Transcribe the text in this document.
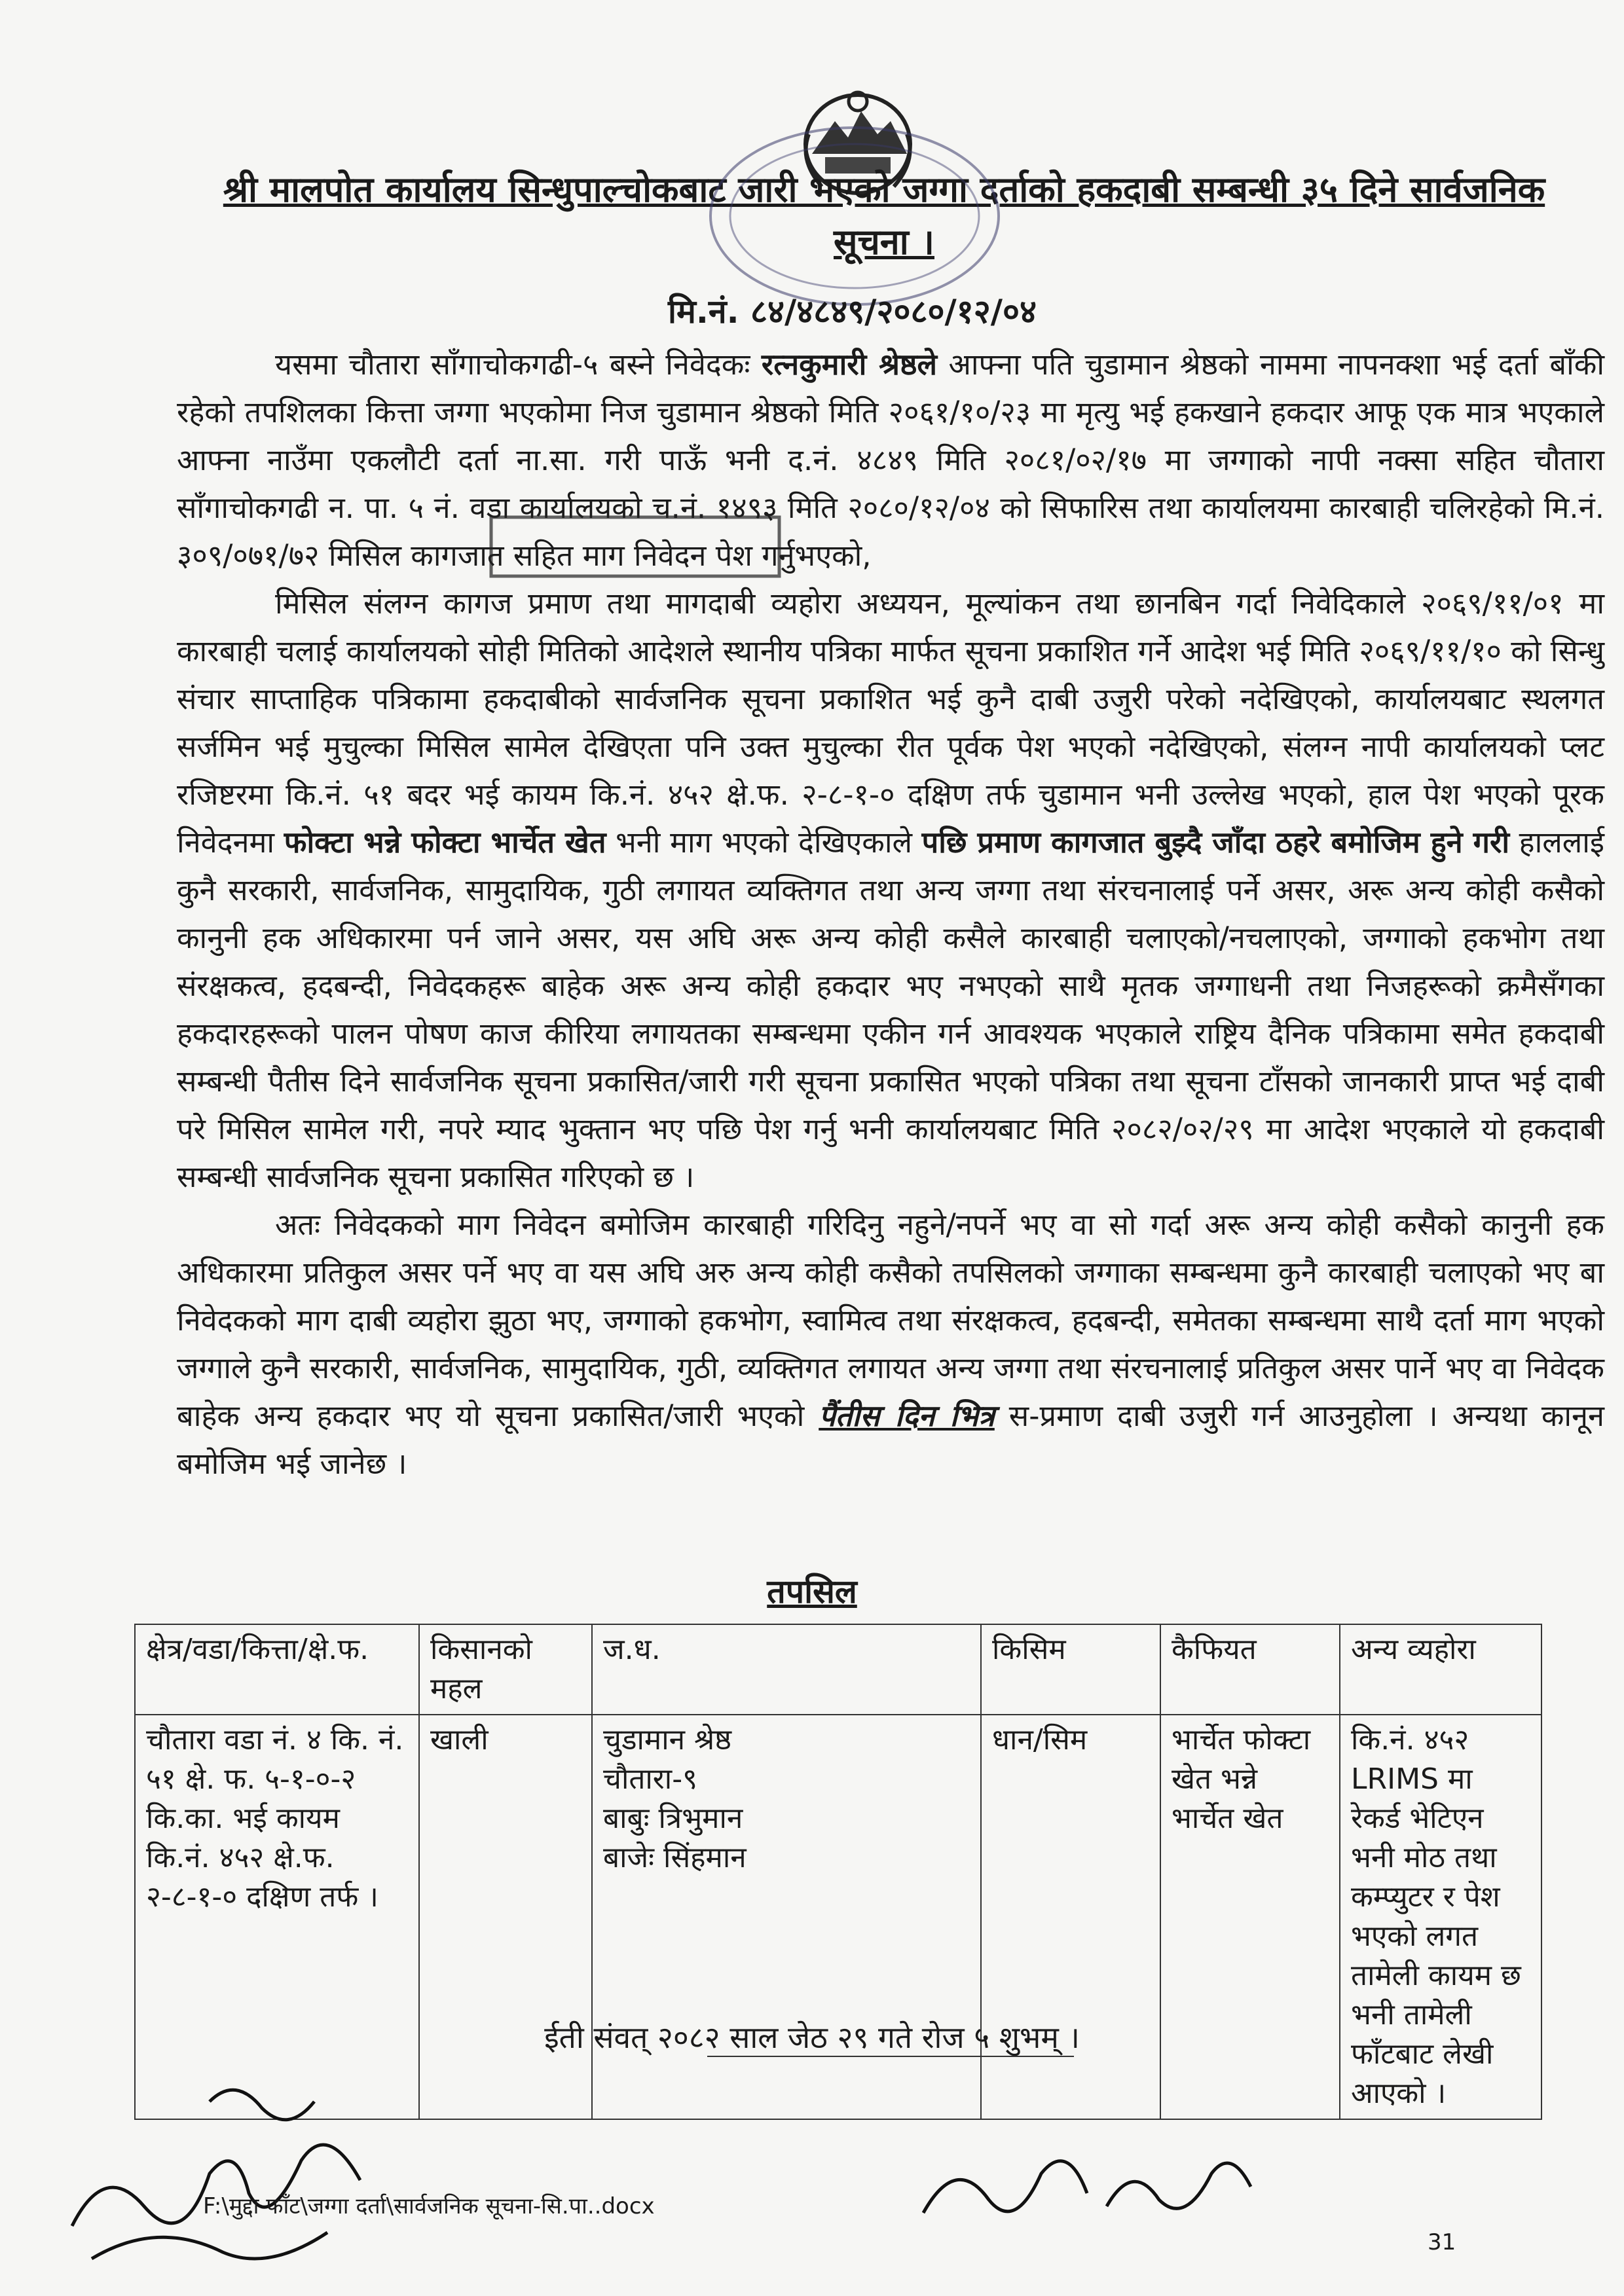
श्री मालपोत कार्यालय सिन्धुपाल्चोकबाट जारी भएको जग्गा दर्ताको हकदाबी सम्बन्धी ३५ दिने सार्वजनिक सूचना ।
मि.नं. ८४/४८४९/२०८०/१२/०४

यसमा चौतारा साँगाचोकगढी-५ बस्ने निवेदकः रत्नकुमारी श्रेष्ठले आफ्ना पति चुडामान श्रेष्ठको नाममा नापनक्शा भई दर्ता बाँकी रहेको तपशिलका कित्ता जग्गा भएकोमा निज चुडामान श्रेष्ठको मिति २०६१/१०/२३ मा मृत्यु भई हकखाने हकदार आफू एक मात्र भएकाले आफ्ना नाउँमा एकलौटी दर्ता ना.सा. गरी पाऊँ भनी द.नं. ४८४९ मिति २०८१/०२/१७ मा जग्गाको नापी नक्सा सहित चौतारा साँगाचोकगढी न. पा. ५ नं. वडा कार्यालयको च.नं. १४९३ मिति २०८०/१२/०४ को सिफारिस तथा कार्यालयमा कारबाही चलिरहेको मि.नं. ३०९/०७१/७२ मिसिल कागजात सहित माग निवेदन पेश गर्नुभएको,

मिसिल संलग्न कागज प्रमाण तथा मागदाबी व्यहोरा अध्ययन, मूल्यांकन तथा छानबिन गर्दा निवेदिकाले २०६९/११/०१ मा कारबाही चलाई कार्यालयको सोही मितिको आदेशले स्थानीय पत्रिका मार्फत सूचना प्रकाशित गर्ने आदेश भई मिति २०६९/११/१० को सिन्धु संचार साप्ताहिक पत्रिकामा हकदाबीको सार्वजनिक सूचना प्रकाशित भई कुनै दाबी उजुरी परेको नदेखिएको, कार्यालयबाट स्थलगत सर्जमिन भई मुचुल्का मिसिल सामेल देखिएता पनि उक्त मुचुल्का रीत पूर्वक पेश भएको नदेखिएको, संलग्न नापी कार्यालयको प्लट रजिष्टरमा कि.नं. ५१ बदर भई कायम कि.नं. ४५२ क्षे.फ. २-८-१-० दक्षिण तर्फ चुडामान भनी उल्लेख भएको, हाल पेश भएको पूरक निवेदनमा फोक्टा भन्ने फोक्टा भार्चेत खेत भनी माग भएको देखिएकाले पछि प्रमाण कागजात बुझ्दै जाँदा ठहरे बमोजिम हुने गरी हाललाई कुनै सरकारी, सार्वजनिक, सामुदायिक, गुठी लगायत व्यक्तिगत तथा अन्य जग्गा तथा संरचनालाई पर्ने असर, अरू अन्य कोही कसैको कानुनी हक अधिकारमा पर्न जाने असर, यस अघि अरू अन्य कोही कसैले कारबाही चलाएको/नचलाएको, जग्गाको हकभोग तथा संरक्षकत्व, हदबन्दी, निवेदकहरू बाहेक अरू अन्य कोही हकदार भए नभएको साथै मृतक जग्गाधनी तथा निजहरूको क्रमैसँगका हकदारहरूको पालन पोषण काज कीरिया लगायतका सम्बन्धमा एकीन गर्न आवश्यक भएकाले राष्ट्रिय दैनिक पत्रिकामा समेत हकदाबी सम्बन्धी पैतीस दिने सार्वजनिक सूचना प्रकासित/जारी गरी सूचना प्रकासित भएको पत्रिका तथा सूचना टाँसको जानकारी प्राप्त भई दाबी परे मिसिल सामेल गरी, नपरे म्याद भुक्तान भए पछि पेश गर्नु भनी कार्यालयबाट मिति २०८२/०२/२९ मा आदेश भएकाले यो हकदाबी सम्बन्धी सार्वजनिक सूचना प्रकासित गरिएको छ ।

अतः निवेदकको माग निवेदन बमोजिम कारबाही गरिदिनु नहुने/नपर्ने भए वा सो गर्दा अरू अन्य कोही कसैको कानुनी हक अधिकारमा प्रतिकुल असर पर्ने भए वा यस अघि अरु अन्य कोही कसैको तपसिलको जग्गाका सम्बन्धमा कुनै कारबाही चलाएको भए बा निवेदकको माग दाबी व्यहोरा झुठा भए, जग्गाको हकभोग, स्वामित्व तथा संरक्षकत्व, हदबन्दी, समेतका सम्बन्धमा साथै दर्ता माग भएको जग्गाले कुनै सरकारी, सार्वजनिक, सामुदायिक, गुठी, व्यक्तिगत लगायत अन्य जग्गा तथा संरचनालाई प्रतिकुल असर पार्ने भए वा निवेदक बाहेक अन्य हकदार भए यो सूचना प्रकासित/जारी भएको पैंतीस दिन भित्र स-प्रमाण दाबी उजुरी गर्न आउनुहोला । अन्यथा कानून बमोजिम भई जानेछ ।

तपसिल
क्षेत्र/वडा/कित्ता/क्षे.फ.	किसानको महल	ज.ध.	किसिम	कैफियत	अन्य व्यहोरा
चौतारा वडा नं. ४ कि. नं. ५१ क्षे. फ. ५-१-०-२ कि.का. भई कायम कि.नं. ४५२ क्षे.फ. २-८-१-० दक्षिण तर्फ ।	खाली	चुडामान श्रेष्ठ
चौतारा-९
बाबुः त्रिभुमान
बाजेः सिंहमान	धान/सिम	भार्चेत फोक्टा खेत भन्ने भार्चेत खेत	कि.नं. ४५२ LRIMS मा रेकर्ड भेटिएन भनी मोठ तथा कम्प्युटर र पेश भएको लगत तामेली कायम छ भनी तामेली फाँटबाट लेखी आएको ।
ईती संवत् २०८२ साल जेठ २९ गते रोज ५ शुभम् ।
F:\मुद्दा फाँट\जग्गा दर्ता\सार्वजनिक सूचना-सि.पा..docx
31
